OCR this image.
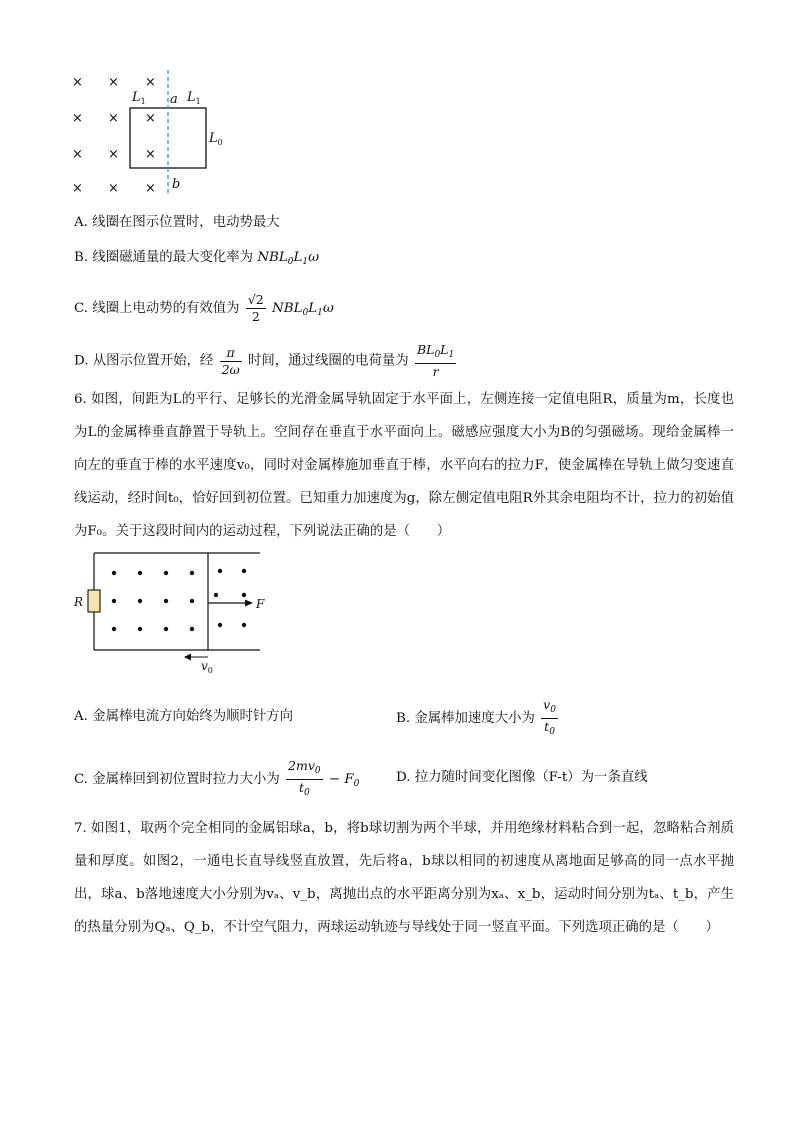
× × ×
× × ×
× × ×
× × ×
$L_1$ a $L_1$
$L_0$
b
A. 线圈在图示位置时，电动势最大
B. 线圈磁通量的最大变化率为 $NBL_0L_1\omega$
C. 线圈上电动势的有效值为 $\frac{√2}{2} NBL_0L_1\omega$
D. 从图示位置开始，经 $\frac{\pi}{2\omega}$ 时间，通过线圈的电荷量为 $\frac{BL_0L_1}{r}$
6. 如图，间距为L的平行、足够长的光滑金属导轨固定于水平面上，左侧连接一定值电阻R，质量为m，长度也为L的金属棒垂直静置于导轨上。空间存在垂直于水平面向上。磁感应强度大小为B的匀强磁场。现给金属棒一向左的垂直于棒的水平速度v₀，同时对金属棒施加垂直于棒，水平向右的拉力F，使金属棒在导轨上做匀变速直线运动，经时间t₀，恰好回到初位置。已知重力加速度为g，除左侧定值电阻R外其余电阻均不计，拉力的初始值为F₀。关于这段时间内的运动过程，下列说法正确的是（　　）
R	F
$v_0$
A. 金属棒电流方向始终为顺时针方向	B. 金属棒加速度大小为 $\frac{v_0}{t_0}$
C. 金属棒回到初位置时拉力大小为 $\frac{2mv_0}{t_0} - F_0$	D. 拉力随时间变化图像（F-t）为一条直线
7. 如图1，取两个完全相同的金属铝球a，b，将b球切割为两个半球，并用绝缘材料粘合到一起，忽略粘合剂质量和厚度。如图2，一通电长直导线竖直放置，先后将a，b球以相同的初速度从离地面足够高的同一点水平抛出，球a、b落地速度大小分别为vₐ、v_b，离抛出点的水平距离分别为xₐ、x_b，运动时间分别为tₐ、t_b，产生的热量分别为Qₐ、Q_b，不计空气阻力，两球运动轨迹与导线处于同一竖直平面。下列选项正确的是（　　）
